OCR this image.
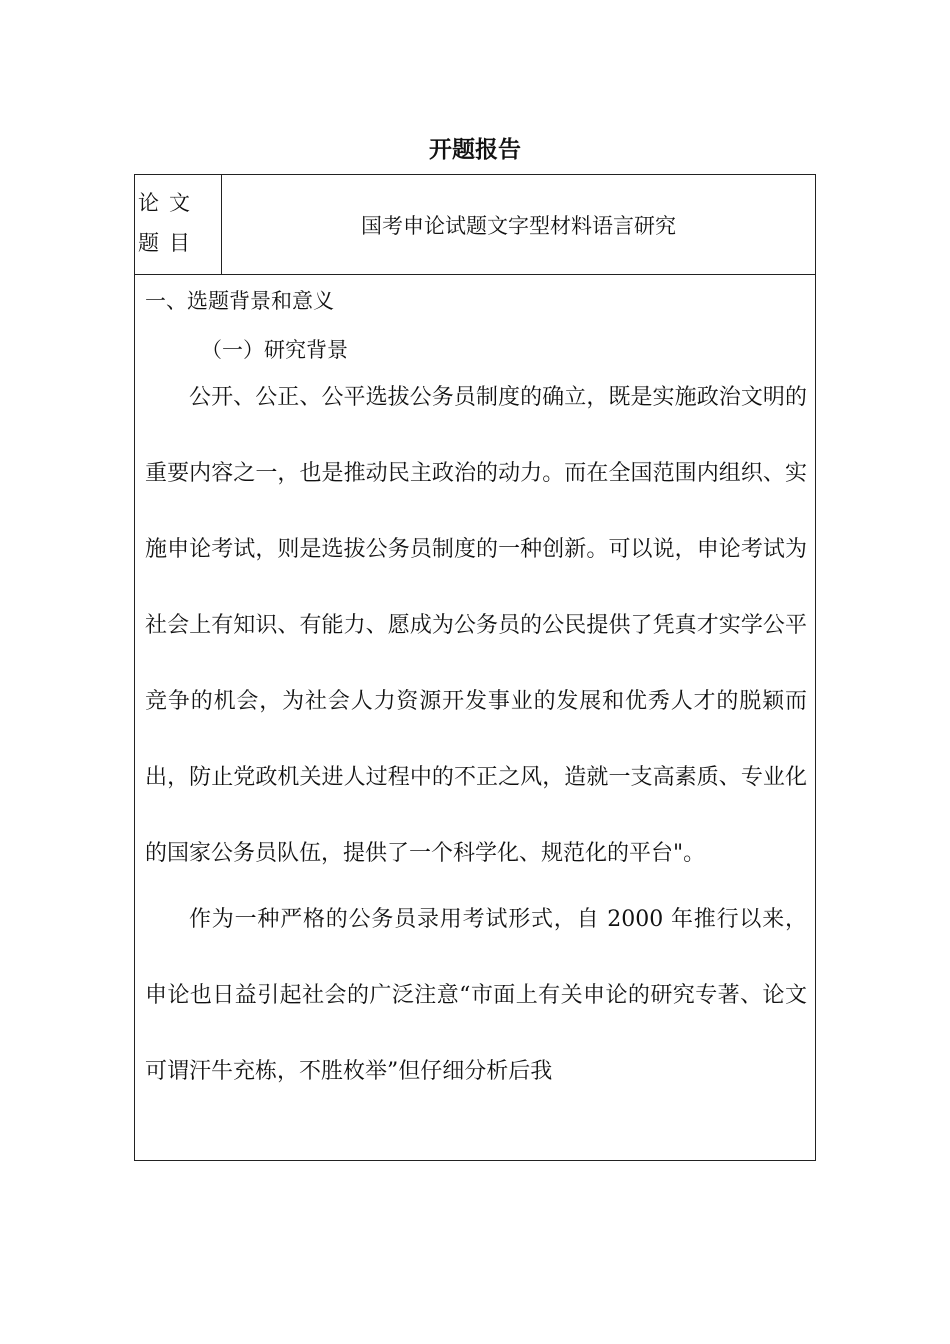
开题报告
论文题目
国考申论试题文字型材料语言研究
一、选题背景和意义
（一）研究背景

公开、公正、公平选拔公务员制度的确立，既是实施政治文明的重要内容之一，也是推动民主政治的动力。而在全国范围内组织、实施申论考试，则是选拔公务员制度的一种创新。可以说，申论考试为社会上有知识、有能力、愿成为公务员的公民提供了凭真才实学公平竞争的机会，为社会人力资源开发事业的发展和优秀人才的脱颖而出，防止党政机关进人过程中的不正之风，造就一支高素质、专业化的国家公务员队伍，提供了一个科学化、规范化的平台"。

作为一种严格的公务员录用考试形式，自 2000 年推行以来，申论也日益引起社会的广泛注意“市面上有关申论的研究专著、论文可谓汗牛充栋，不胜枚举”但仔细分析后我
